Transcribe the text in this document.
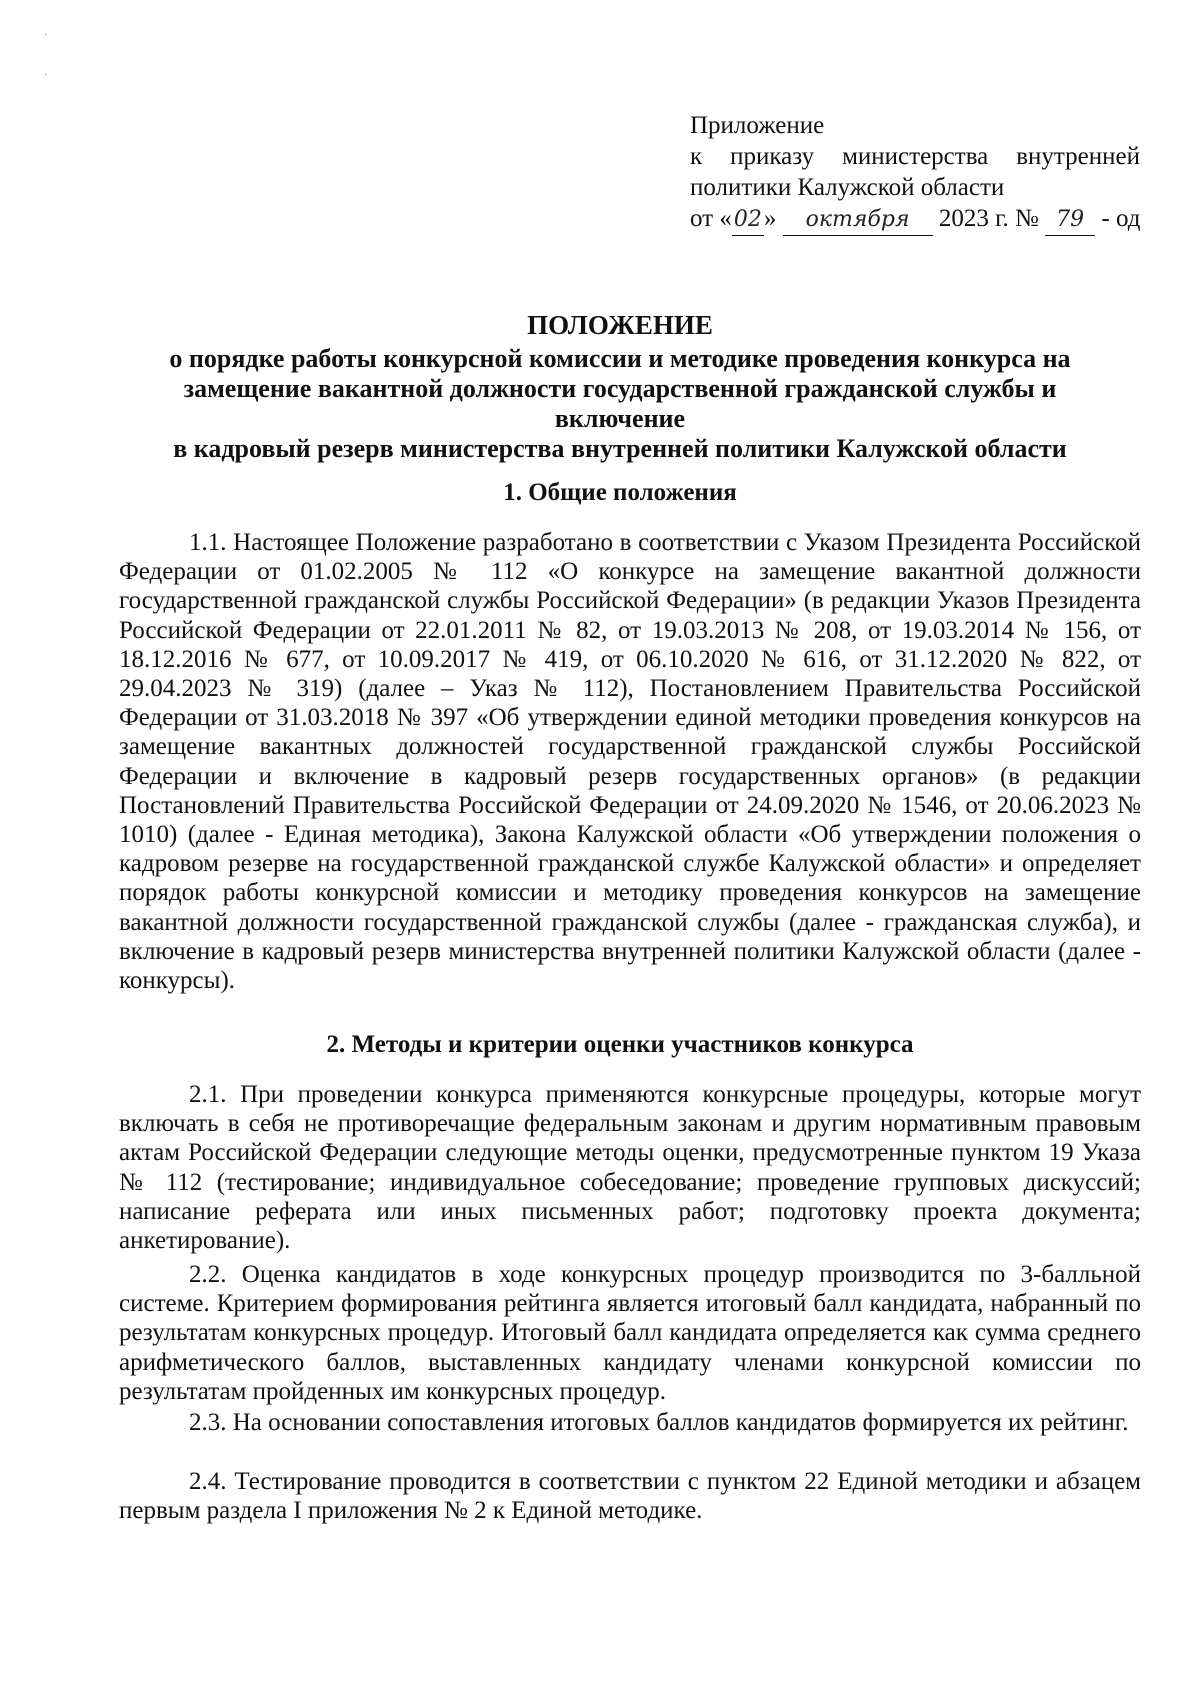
·
·
Приложение
к приказу министерства внутренней
политики Калужской области
от «02» октября 2023 г. № 79 - од
ПОЛОЖЕНИЕ
о порядке работы конкурсной комиссии и методике проведения конкурса на
замещение вакантной должности государственной гражданской службы и включение
в кадровый резерв министерства внутренней политики Калужской области
1. Общие положения
1.1. Настоящее Положение разработано в соответствии с Указом Президента Российской Федерации от 01.02.2005 № 112 «О конкурсе на замещение вакантной должности государственной гражданской службы Российской Федерации» (в редакции Указов Президента Российской Федерации от 22.01.2011 № 82, от 19.03.2013 № 208, от 19.03.2014 № 156, от 18.12.2016 № 677, от 10.09.2017 № 419, от 06.10.2020 № 616, от 31.12.2020 № 822, от 29.04.2023 № 319) (далее – Указ № 112), Постановлением Правительства Российской Федерации от 31.03.2018 № 397 «Об утверждении единой методики проведения конкурсов на замещение вакантных должностей государственной гражданской службы Российской Федерации и включение в кадровый резерв государственных органов» (в редакции Постановлений Правительства Российской Федерации от 24.09.2020 № 1546, от 20.06.2023 № 1010) (далее - Единая методика), Закона Калужской области «Об утверждении положения о кадровом резерве на государственной гражданской службе Калужской области» и определяет порядок работы конкурсной комиссии и методику проведения конкурсов на замещение вакантной должности государственной гражданской службы (далее - гражданская служба), и включение в кадровый резерв министерства внутренней политики Калужской области (далее - конкурсы).
2. Методы и критерии оценки участников конкурса
2.1. При проведении конкурса применяются конкурсные процедуры, которые могут включать в себя не противоречащие федеральным законам и другим нормативным правовым актам Российской Федерации следующие методы оценки, предусмотренные пунктом 19 Указа № 112 (тестирование; индивидуальное собеседование; проведение групповых дискуссий; написание реферата или иных письменных работ; подготовку проекта документа; анкетирование).
2.2. Оценка кандидатов в ходе конкурсных процедур производится по 3-балльной системе. Критерием формирования рейтинга является итоговый балл кандидата, набранный по результатам конкурсных процедур. Итоговый балл кандидата определяется как сумма среднего арифметического баллов, выставленных кандидату членами конкурсной комиссии по результатам пройденных им конкурсных процедур.
2.3. На основании сопоставления итоговых баллов кандидатов формируется их рейтинг.
2.4. Тестирование проводится в соответствии с пунктом 22 Единой методики и абзацем первым раздела I приложения № 2 к Единой методике.
